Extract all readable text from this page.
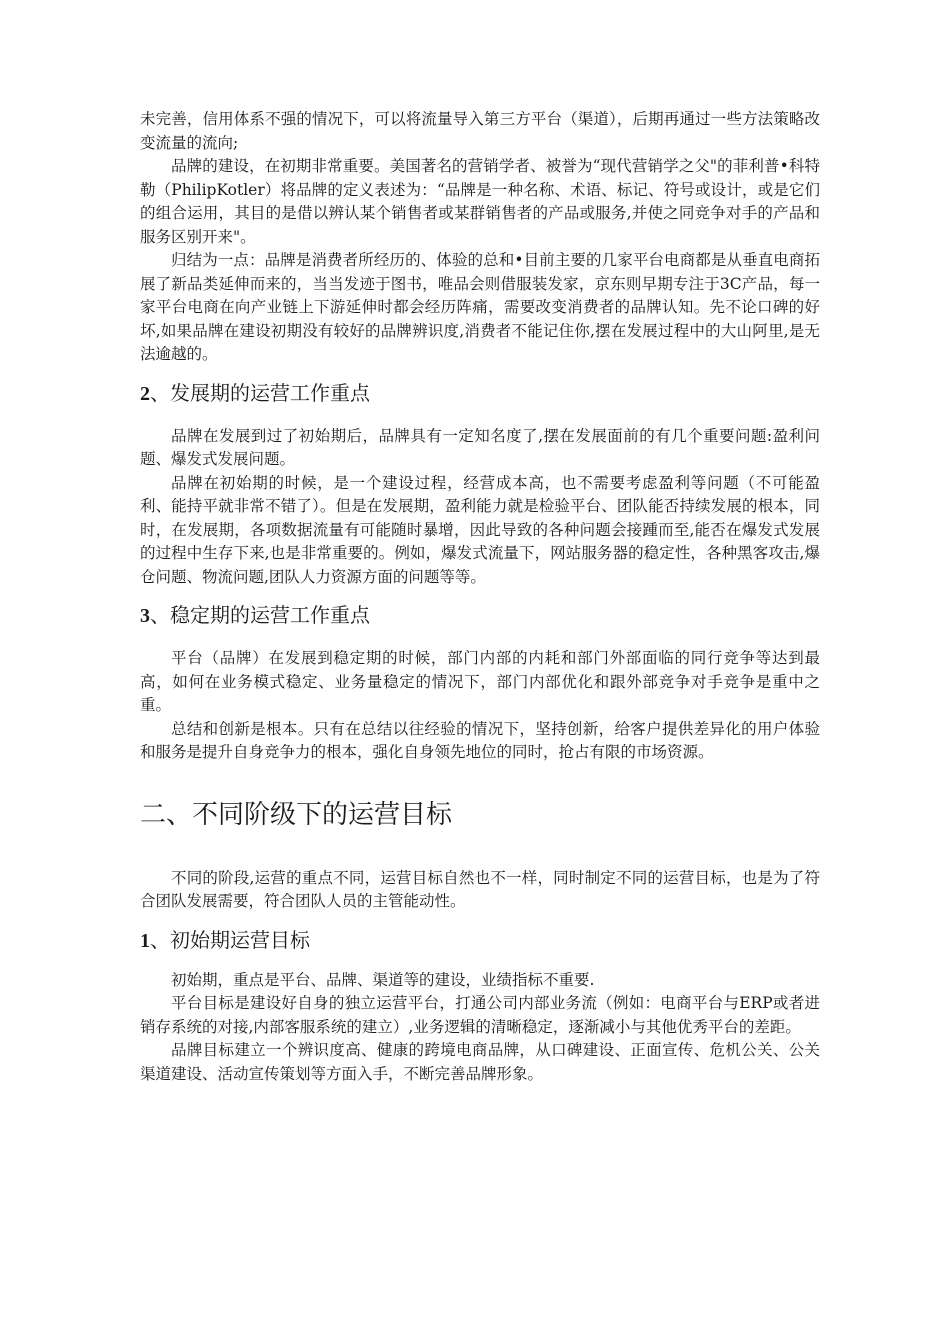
未完善，信用体系不强的情况下，可以将流量导入第三方平台（渠道），后期再通过一些方法策略改变流量的流向;

品牌的建设，在初期非常重要。美国著名的营销学者、被誉为“现代营销学之父"的菲利普•科特勒（PhilipKotler）将品牌的定义表述为：“品牌是一种名称、术语、标记、符号或设计，或是它们的组合运用，其目的是借以辨认某个销售者或某群销售者的产品或服务,并使之同竞争对手的产品和服务区别开来"。

归结为一点：品牌是消费者所经历的、体验的总和•目前主要的几家平台电商都是从垂直电商拓展了新品类延伸而来的，当当发迹于图书，唯品会则借服装发家，京东则早期专注于3C产品，每一家平台电商在向产业链上下游延伸时都会经历阵痛，需要改变消费者的品牌认知。先不论口碑的好坏,如果品牌在建设初期没有较好的品牌辨识度,消费者不能记住你,摆在发展过程中的大山阿里,是无法逾越的。

2、发展期的运营工作重点

品牌在发展到过了初始期后，品牌具有一定知名度了,摆在发展面前的有几个重要问题:盈利问题、爆发式发展问题。

品牌在初始期的时候，是一个建设过程，经营成本高，也不需要考虑盈利等问题（不可能盈利、能持平就非常不错了）。但是在发展期，盈利能力就是检验平台、团队能否持续发展的根本，同时，在发展期，各项数据流量有可能随时暴增，因此导致的各种问题会接踵而至,能否在爆发式发展的过程中生存下来,也是非常重要的。例如，爆发式流量下，网站服务器的稳定性，各种黑客攻击,爆仓问题、物流问题,团队人力资源方面的问题等等。

3、稳定期的运营工作重点

平台（品牌）在发展到稳定期的时候，部门内部的内耗和部门外部面临的同行竞争等达到最高，如何在业务模式稳定、业务量稳定的情况下，部门内部优化和跟外部竞争对手竞争是重中之重。

总结和创新是根本。只有在总结以往经验的情况下，坚持创新，给客户提供差异化的用户体验和服务是提升自身竞争力的根本，强化自身领先地位的同时，抢占有限的市场资源。

二、不同阶级下的运营目标

不同的阶段,运营的重点不同，运营目标自然也不一样，同时制定不同的运营目标，也是为了符合团队发展需要，符合团队人员的主管能动性。

1、初始期运营目标

初始期，重点是平台、品牌、渠道等的建设，业绩指标不重要.

平台目标是建设好自身的独立运营平台，打通公司内部业务流（例如：电商平台与ERP或者进销存系统的对接,内部客服系统的建立）,业务逻辑的清晰稳定，逐渐减小与其他优秀平台的差距。

品牌目标建立一个辨识度高、健康的跨境电商品牌，从口碑建设、正面宣传、危机公关、公关渠道建设、活动宣传策划等方面入手，不断完善品牌形象。
